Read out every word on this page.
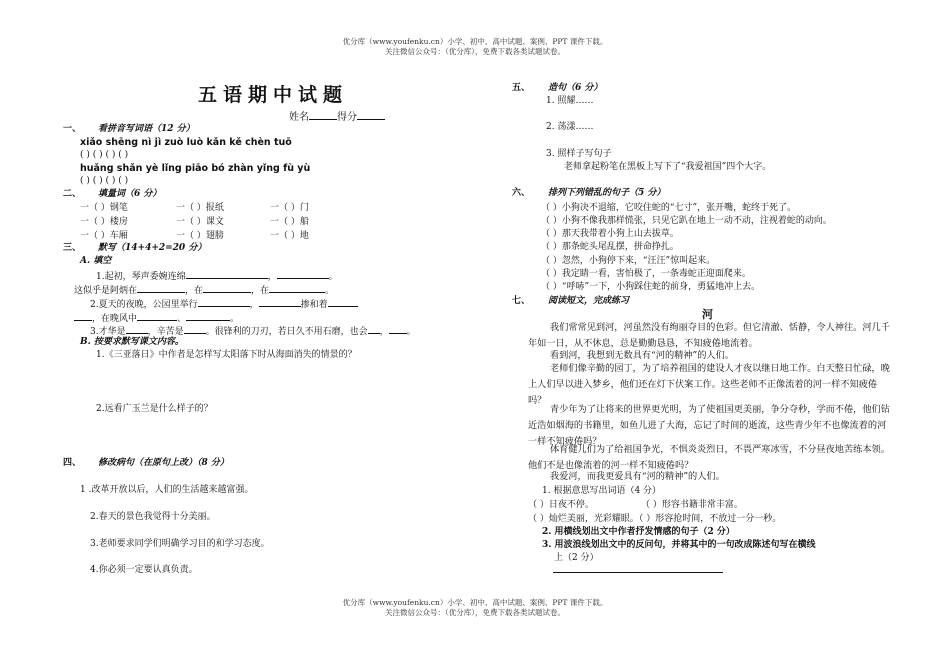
优分库（www.youfenku.cn）小学、初中、高中试题、案例、PPT 课件下载。
关注微信公众号：（优分库），免费下载各类试题试卷。
五语期中试题
姓名	得分
一、 看拼音写词语（12 分）
xiǎo shēng nì jì zuò luò kǎn kě chèn tuō
( ) ( ) ( ) ( )
huǎng shǎn yè lǐng piāo bó zhàn yǐng fù yù
( ) ( ) ( ) ( )
二、 填量词（6 分）
一（ ）钢笔	一（ ）报纸	一（ ）门
一（ ）楼房	一（ ）课文	一（ ）船
一（ ）车厢	一（ ）翅膀	一（ ）地
三、 默写（14+4+2=20 分）
A. 填空
1.起初，琴声委婉连绵	，	。
这似乎是阿炳在	，在	，在	。
2.夏天的夜晚，公园里举行	，	掺和着
，在晚风中	、	。
3.才华是 ，辛苦是 。很锋利的刀刃，若日久不用石磨，也会 ， 。
B. 按要求默写课文内容。
1.《三亚落日》中作者是怎样写太阳落下时从海面消失的情景的？
2.远看广玉兰是什么样子的？
四、 修改病句（在原句上改）（8 分）
1 .改革开放以后，人们的生活越来越富强。
2.春天的景色我觉得十分美丽。
3.老师要求同学们明确学习目的和学习态度。
4.你必须一定要认真负责。
五、 造句（6 分）
1. 照耀……
2. 荡漾……
3. 照样子写句子
老师拿起粉笔在黑板上写下了“我爱祖国”四个大字。
六、 排列下列错乱的句子（5 分）
（ ）小狗决不退缩，它咬住蛇的“七寸”，张开嘴，蛇终于死了。
（ ）小狗不像我那样慌张，只见它趴在地上一动不动，注视着蛇的动向。
（ ）那天我带着小狗上山去拔草。
（ ）那条蛇头尾乱摆，拼命挣扎。
（ ）忽然，小狗停下来，“汪汪”惊叫起来。
（ ）我定睛一看，害怕极了，一条毒蛇正迎面爬来。
（ ）“呼哧”一下，小狗踩住蛇的前身，勇猛地冲上去。
七、 阅读短文，完成练习
河
我们常常见到河，河虽然没有绚丽夺目的色彩。但它清澈、恬静，令人神往。河几千年如一日，从不休息，总是勤勤恳恳，不知疲倦地流着。
看到河，我想到无数具有“河的精神”的人们。
老师们像辛勤的园丁，为了培养祖国的建设人才夜以继日地工作。白天整日忙碌，晚上人们早以进入梦乡，他们还在灯下伏案工作。这些老师不正像流着的河一样不知疲倦吗？
青少年为了让将来的世界更光明，为了使祖国更美丽，争分夺秒，学而不倦，他们钻近浩如烟海的书籍里，如鱼儿进了大海，忘记了时间的逝流，这些青少年不也像流着的河一样不知疲倦吗？
体育健儿们为了给祖国争光，不惧炎炎烈日，不畏严寒冰雪，不分昼夜地苦练本领。他们不是也像流着的河一样不知疲倦吗？
我爱河，而我更爱具有“河的精神”的人们。
1. 根据意思写出词语（4 分）
（ ）日夜不停。	（ ）形容书籍非常丰富。
（ ）灿烂美丽，光彩耀眼。（ ）形容抢时间，不放过一分一秒。
2. 用横线划出文中作者抒发情感的句子（2 分）
3. 用波浪线划出文中的反问句，并将其中的一句改成陈述句写在横线
上（2 分）
优分库（www.youfenku.cn）小学、初中、高中试题、案例、PPT 课件下载。
关注微信公众号：（优分库），免费下载各类试题试卷。
